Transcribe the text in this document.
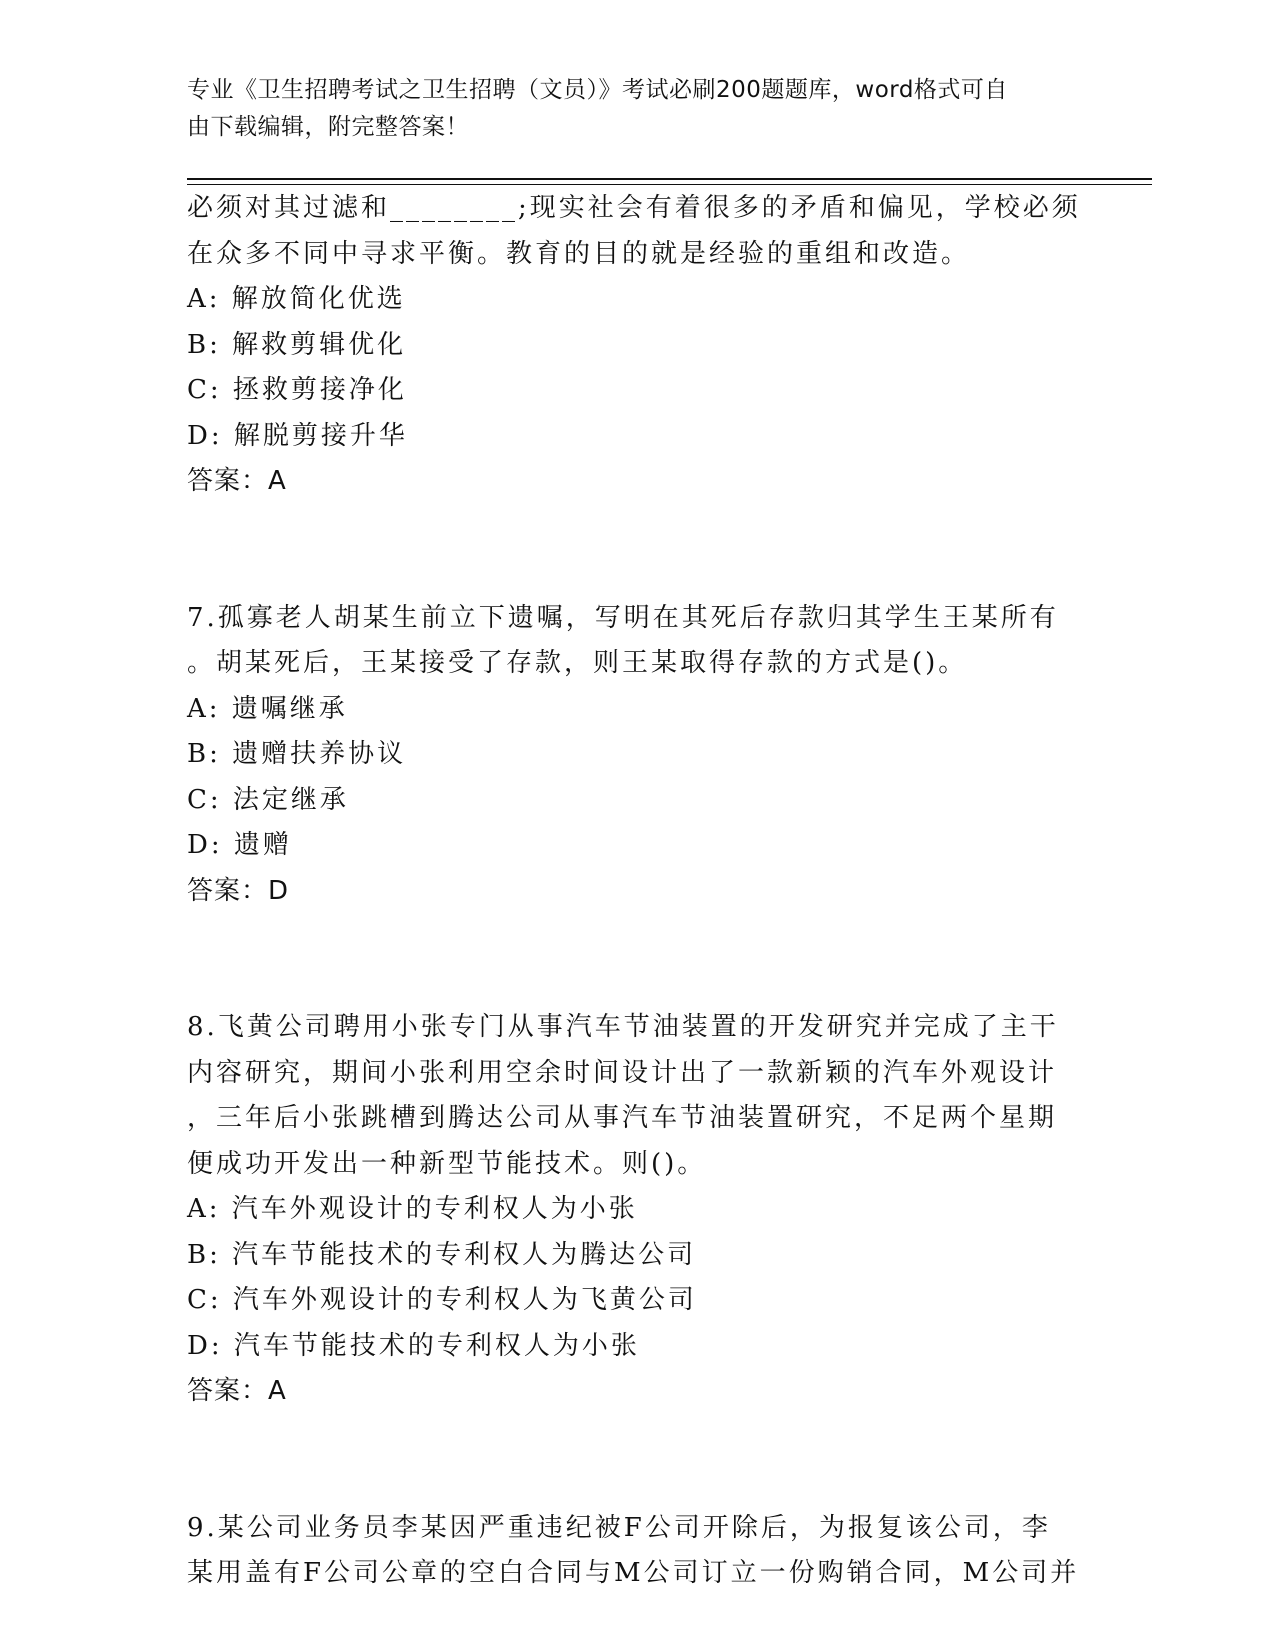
专业《卫生招聘考试之卫生招聘（文员）》考试必刷200题题库，word格式可自
由下载编辑，附完整答案！

必须对其过滤和________;现实社会有着很多的矛盾和偏见，学校必须

在众多不同中寻求平衡。教育的目的就是经验的重组和改造。

A: 解放简化优选

B: 解救剪辑优化

C: 拯救剪接净化

D: 解脱剪接升华

答案：A

7.孤寡老人胡某生前立下遗嘱，写明在其死后存款归其学生王某所有

。胡某死后，王某接受了存款，则王某取得存款的方式是()。

A: 遗嘱继承

B: 遗赠扶养协议

C: 法定继承

D: 遗赠

答案：D

8.飞黄公司聘用小张专门从事汽车节油装置的开发研究并完成了主干

内容研究，期间小张利用空余时间设计出了一款新颖的汽车外观设计

，三年后小张跳槽到腾达公司从事汽车节油装置研究，不足两个星期

便成功开发出一种新型节能技术。则()。

A: 汽车外观设计的专利权人为小张

B: 汽车节能技术的专利权人为腾达公司

C: 汽车外观设计的专利权人为飞黄公司

D: 汽车节能技术的专利权人为小张

答案：A

9.某公司业务员李某因严重违纪被F公司开除后，为报复该公司，李

某用盖有F公司公章的空白合同与M公司订立一份购销合同，M公司并
